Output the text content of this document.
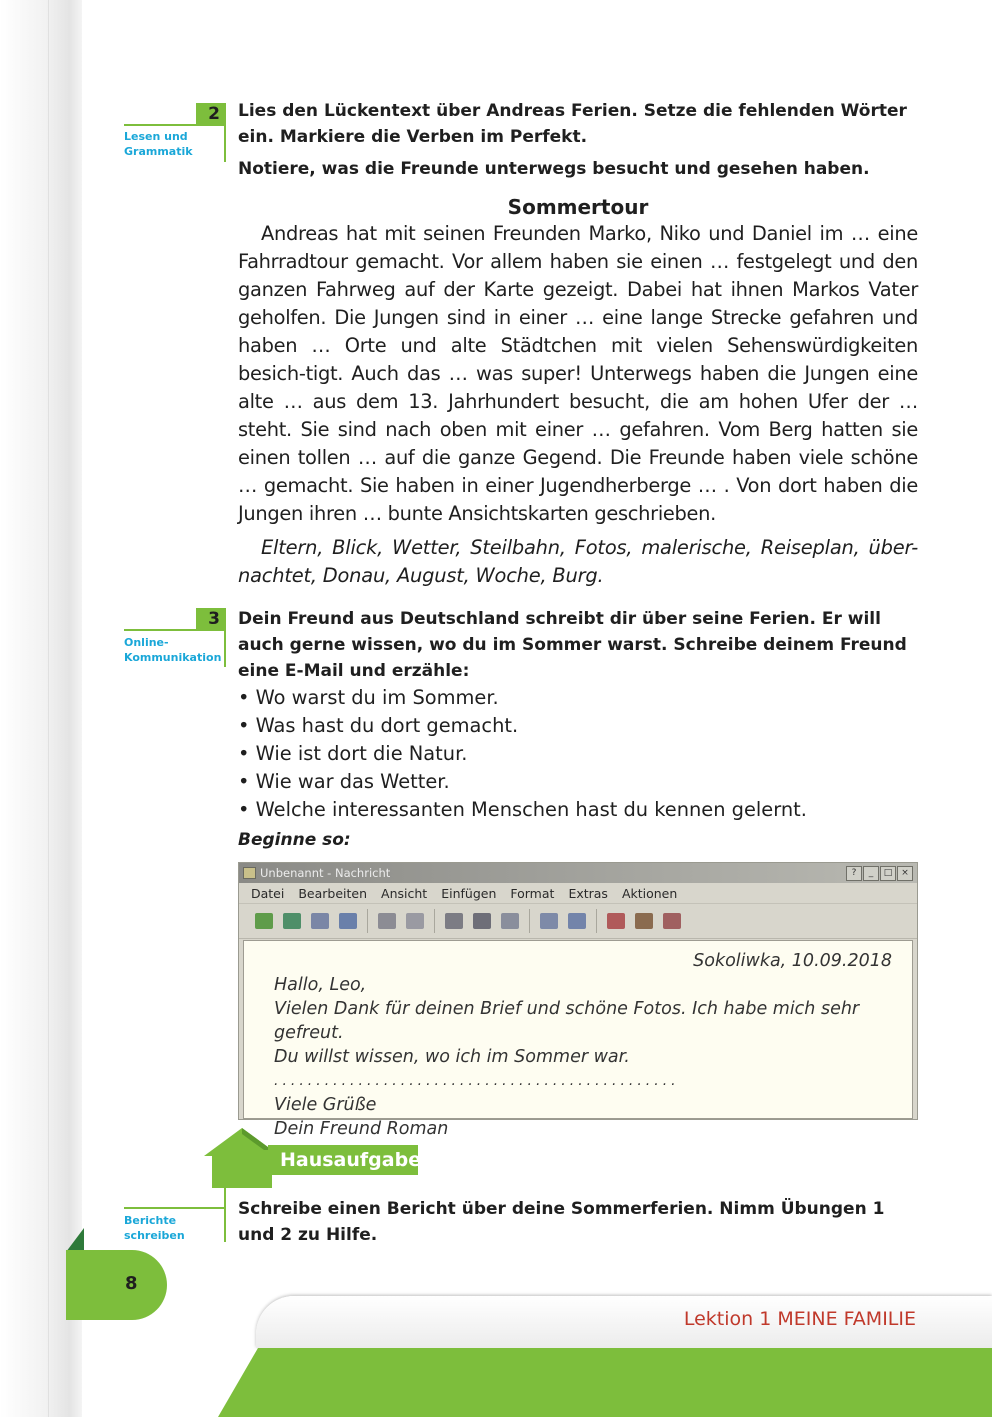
2
Lesen und
Grammatik

Lies den Lückentext über Andreas Ferien. Setze die fehlenden Wörter ein. Markiere die Verben im Perfekt.

Notiere, was die Freunde unterwegs besucht und gesehen haben.

Sommertour

Andreas hat mit seinen Freunden Marko, Niko und Daniel im … eine Fahrradtour gemacht. Vor allem haben sie einen … festgelegt und den ganzen Fahrweg auf der Karte gezeigt. Dabei hat ihnen Markos Vater geholfen. Die Jungen sind in einer … eine lange Strecke gefahren und haben … Orte und alte Städtchen mit vielen Sehenswürdigkeiten besich-tigt. Auch das … was super! Unterwegs haben die Jungen eine alte … aus dem 13. Jahrhundert besucht, die am hohen Ufer der … steht. Sie sind nach oben mit einer … gefahren. Vom Berg hatten sie einen tollen … auf die ganze Gegend. Die Freunde haben viele schöne … gemacht. Sie haben in einer Jugendherberge … . Von dort haben die Jungen ihren … bunte Ansichtskarten geschrieben.

Eltern, Blick, Wetter, Steilbahn, Fotos, malerische, Reiseplan, über-nachtet, Donau, August, Woche, Burg.

3
Online-
Kommunikation

Dein Freund aus Deutschland schreibt dir über seine Ferien. Er will auch gerne wissen, wo du im Sommer warst. Schreibe deinem Freund eine E-Mail und erzähle:

• Wo warst du im Sommer.
• Was hast du dort gemacht.
• Wie ist dort die Natur.
• Wie war das Wetter.
• Welche interessanten Menschen hast du kennen gelernt.
Beginne so:
Unbenannt - Nachricht	?	_	□ ×
Datei Bearbeiten Ansicht Einfügen Format Extras Aktionen

Sokoliwka, 10.09.2018

Hallo, Leo,

Vielen Dank für deinen Brief und schöne Fotos. Ich habe mich sehr gefreut.

Du willst wissen, wo ich im Sommer war.

................................................

Viele Grüße

Dein Freund Roman

Hausaufgabe
Berichte
schreiben

Schreibe einen Bericht über deine Sommerferien. Nimm Übungen 1 und 2 zu Hilfe.

8
Lektion 1 MEINE FAMILIE
